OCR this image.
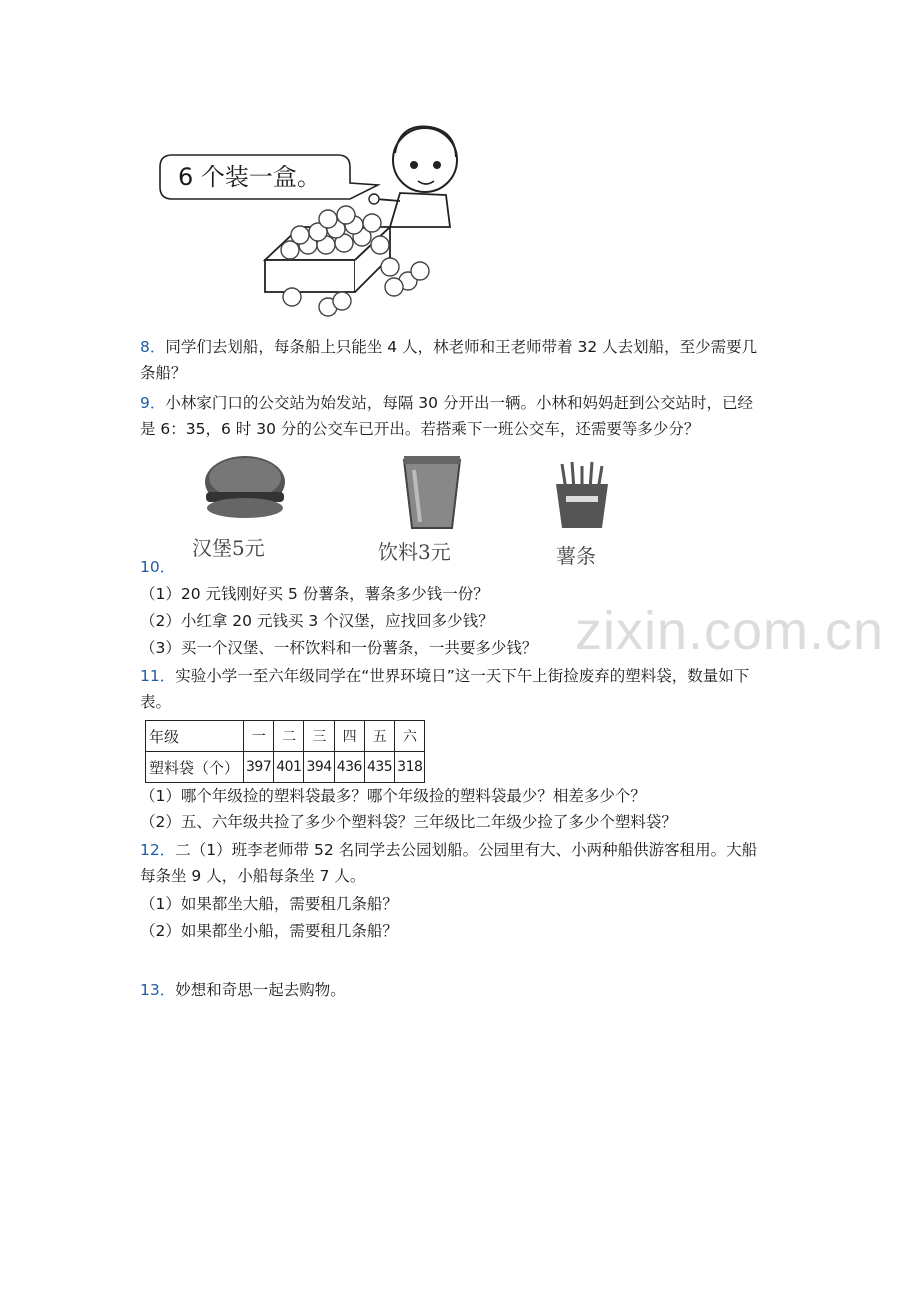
zixin.com.cn
6 个装一盒。
8．同学们去划船，每条船上只能坐 4 人，林老师和王老师带着 32 人去划船，至少需要几
条船？
9．小林家门口的公交站为始发站，每隔 30 分开出一辆。小林和妈妈赶到公交站时，已经
是 6：35，6 时 30 分的公交车已开出。若搭乘下一班公交车，还需要等多少分？
汉堡5元	饮料3元	薯条
10．
（1）20 元钱刚好买 5 份薯条，薯条多少钱一份？
（2）小红拿 20 元钱买 3 个汉堡，应找回多少钱？
（3）买一个汉堡、一杯饮料和一份薯条，一共要多少钱？
11．实验小学一至六年级同学在“世界环境日”这一天下午上街捡废弃的塑料袋，数量如下
表。
年级	一	二	三	四	五	六
塑料袋（个）	397	401	394	436	435	318
（1）哪个年级捡的塑料袋最多？哪个年级捡的塑料袋最少？相差多少个？
（2）五、六年级共捡了多少个塑料袋？三年级比二年级少捡了多少个塑料袋？
12．二（1）班李老师带 52 名同学去公园划船。公园里有大、小两种船供游客租用。大船
每条坐 9 人，小船每条坐 7 人。
（1）如果都坐大船，需要租几条船？
（2）如果都坐小船，需要租几条船？
13．妙想和奇思一起去购物。
